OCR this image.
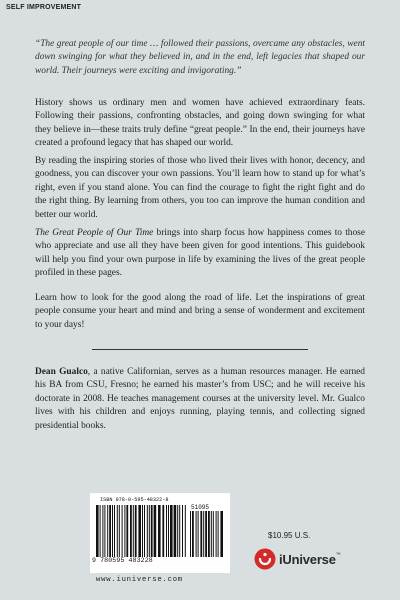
SELF IMPROVEMENT
“The great people of our time … followed their passions, overcame any obstacles, went down swinging for what they believed in, and in the end, left legacies that shaped our world. Their journeys were exciting and invigorating.”
History shows us ordinary men and women have achieved extraordinary feats. Following their passions, confronting obstacles, and going down swinging for what they believe in—these traits truly define “great people.” In the end, their journeys have created a profound legacy that has shaped our world.
By reading the inspiring stories of those who lived their lives with honor, decency, and goodness, you can discover your own passions. You’ll learn how to stand up for what’s right, even if you stand alone. You can find the courage to fight the right fight and do the right thing. By learning from others, you too can improve the human condition and better our world.
The Great People of Our Time brings into sharp focus how happiness comes to those who appreciate and use all they have been given for good intentions. This guidebook will help you find your own purpose in life by examining the lives of the great people profiled in these pages.
Learn how to look for the good along the road of life. Let the inspirations of great people consume your heart and mind and bring a sense of wonderment and excitement to your days!
Dean Gualco, a native Californian, serves as a human resources manager. He earned his BA from CSU, Fresno; he earned his master’s from USC; and he will receive his doctorate in 2008. He teaches management courses at the university level. Mr. Gualco lives with his children and enjoys running, playing tennis, and collecting signed presidential books.
ISBN 978-0-595-48322-8
51095
9 780595 483228
www.iuniverse.com
$10.95 U.S.
iUniverse™
